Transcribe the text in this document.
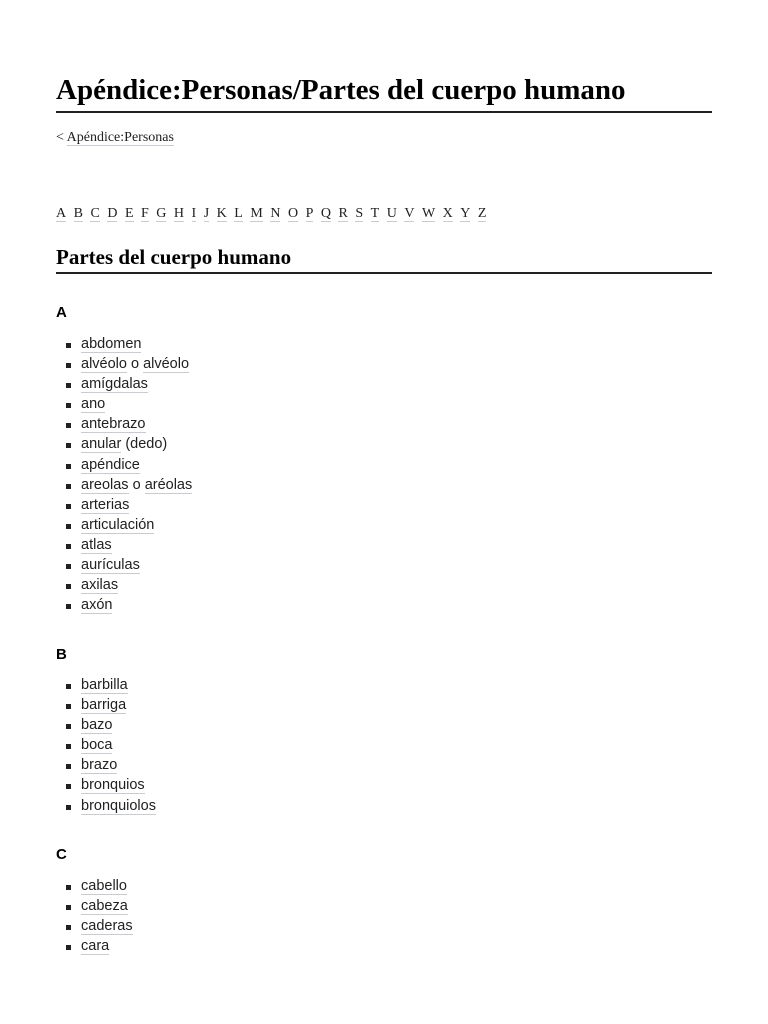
Apéndice:Personas/Partes del cuerpo humano
< Apéndice:Personas
A B C D E F G H I J K L M N O P Q R S T U V W X Y Z
Partes del cuerpo humano
A
abdomen
alvéolo o alvéolo
amígdalas
ano
antebrazo
anular (dedo)
apéndice
areolas o aréolas
arterias
articulación
atlas
aurículas
axilas
axón
B
barbilla
barriga
bazo
boca
brazo
bronquios
bronquiolos
C
cabello
cabeza
caderas
cara
